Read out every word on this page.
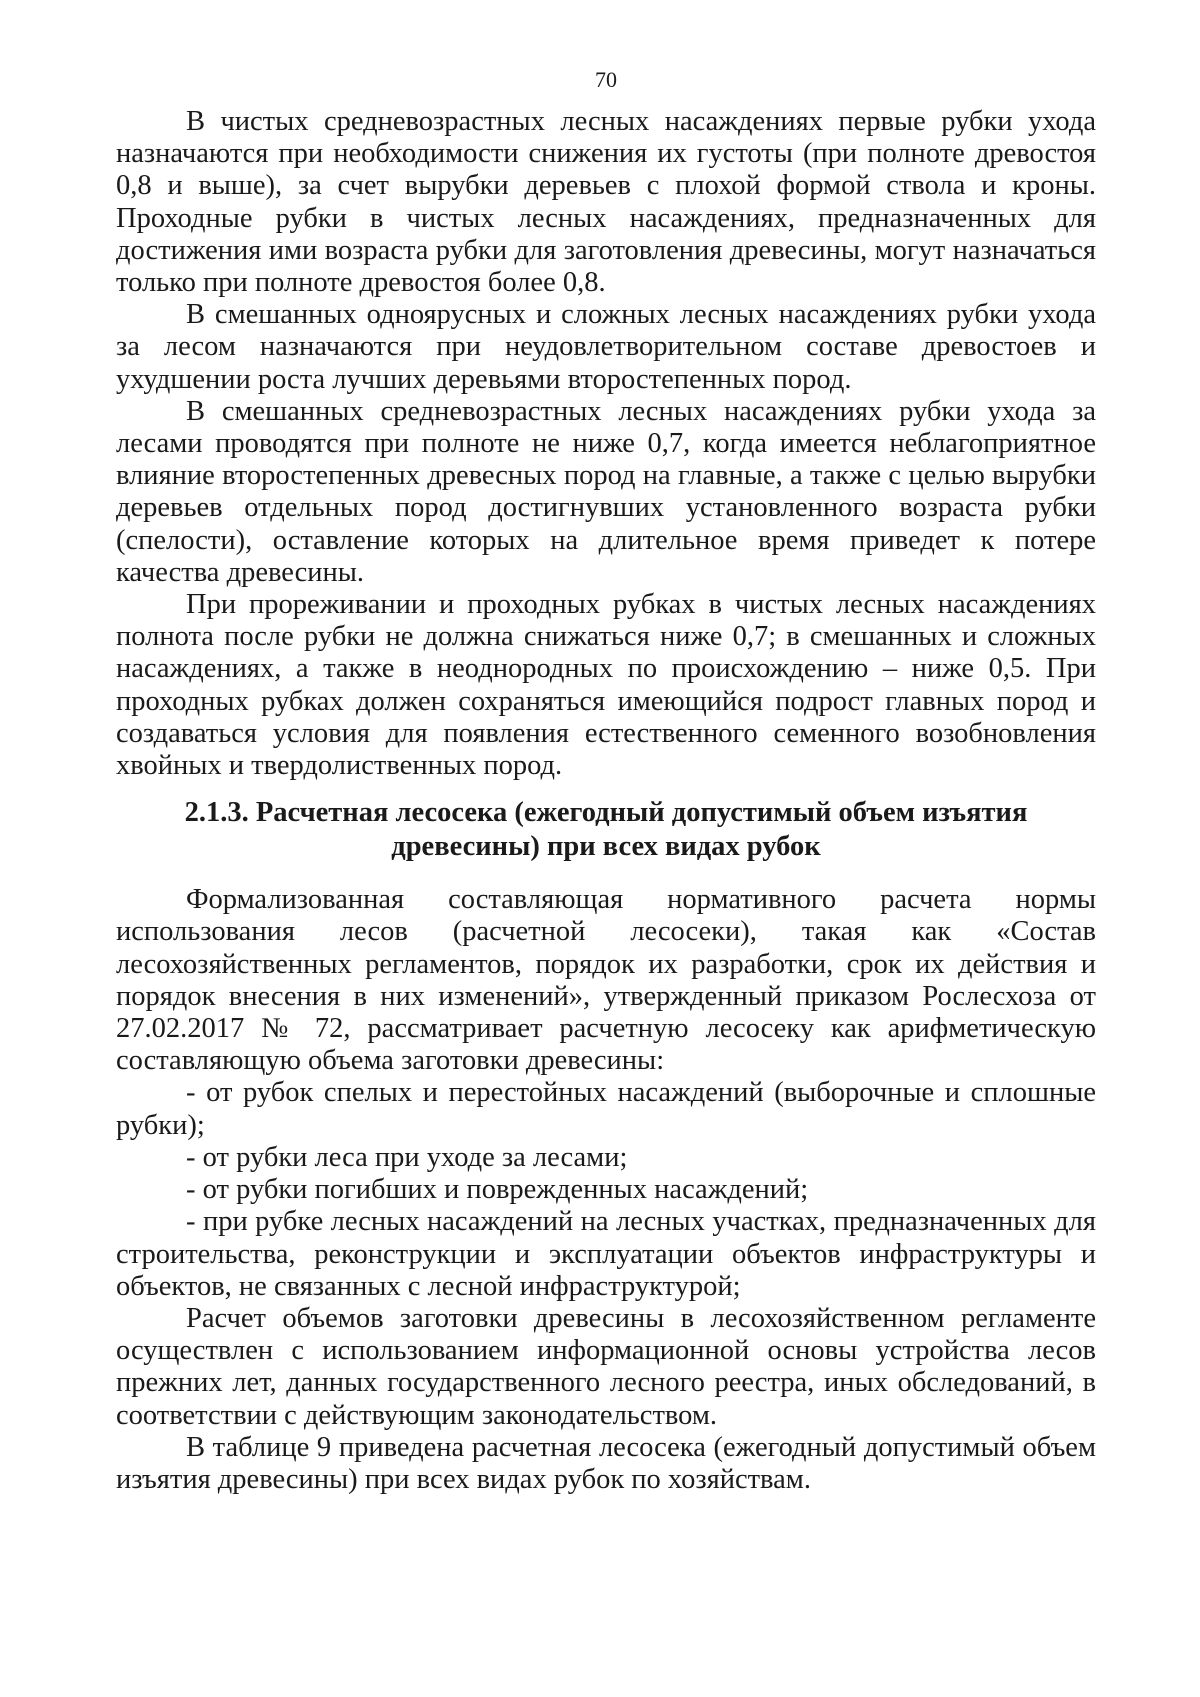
70

В чистых средневозрастных лесных насаждениях первые рубки ухода назначаются при необходимости снижения их густоты (при полноте древостоя 0,8 и выше), за счет вырубки деревьев с плохой формой ствола и кроны. Проходные рубки в чистых лесных насаждениях, предназначенных для достижения ими возраста рубки для заготовления древесины, могут назначаться только при полноте древостоя более 0,8.

В смешанных одноярусных и сложных лесных насаждениях рубки ухода за лесом назначаются при неудовлетворительном составе древостоев и ухудшении роста лучших деревьями второстепенных пород.

В смешанных средневозрастных лесных насаждениях рубки ухода за лесами проводятся при полноте не ниже 0,7, когда имеется неблагоприятное влияние второстепенных древесных пород на главные, а также с целью вырубки деревьев отдельных пород достигнувших установленного возраста рубки (спелости), оставление которых на длительное время приведет к потере качества древесины.

При прореживании и проходных рубках в чистых лесных насаждениях полнота после рубки не должна снижаться ниже 0,7; в смешанных и сложных насаждениях, а также в неоднородных по происхождению – ниже 0,5. При проходных рубках должен сохраняться имеющийся подрост главных пород и создаваться условия для появления естественного семенного возобновления хвойных и твердолиственных пород.

2.1.3. Расчетная лесосека (ежегодный допустимый объем изъятия
древесины) при всех видах рубок

Формализованная составляющая нормативного расчета нормы использования лесов (расчетной лесосеки), такая как «Состав лесохозяйственных регламентов, порядок их разработки, срок их действия и порядок внесения в них изменений», утвержденный приказом Рослесхоза от 27.02.2017 № 72, рассматривает расчетную лесосеку как арифметическую составляющую объема заготовки древесины:

- от рубок спелых и перестойных насаждений (выборочные и сплошные рубки);

- от рубки леса при уходе за лесами;

- от рубки погибших и поврежденных насаждений;

- при рубке лесных насаждений на лесных участках, предназначенных для строительства, реконструкции и эксплуатации объектов инфраструктуры и объектов, не связанных с лесной инфраструктурой;

Расчет объемов заготовки древесины в лесохозяйственном регламенте осуществлен с использованием информационной основы устройства лесов прежних лет, данных государственного лесного реестра, иных обследований, в соответствии с действующим законодательством.

В таблице 9 приведена расчетная лесосека (ежегодный допустимый объем изъятия древесины) при всех видах рубок по хозяйствам.
